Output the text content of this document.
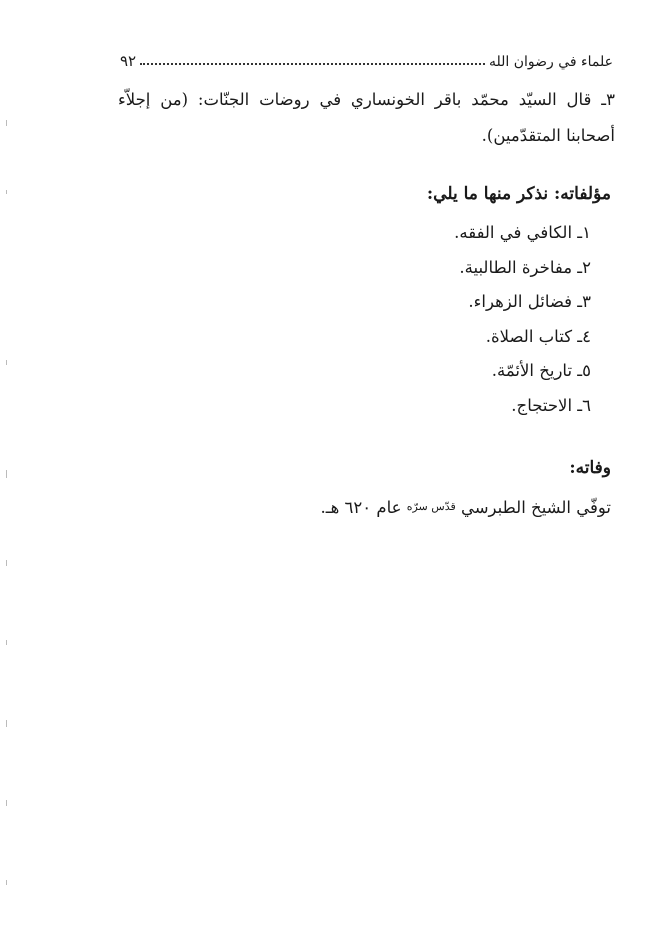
علماء في رضوان الله
٩٢

٣ـ قال السيّد محمّد باقر الخونساري في روضات الجنّات: (من إجلاّء أصحابنا المتقدّمين).

مؤلفاته: نذكر منها ما يلي:
١ـ الكافي في الفقه.
٢ـ مفاخرة الطالبية.
٣ـ فضائل الزهراء.
٤ـ كتاب الصلاة.
٥ـ تاريخ الأئمّة.
٦ـ الاحتجاج.
وفاته:
توفّي الشيخ الطبرسي قدّس سرّه عام ٦٢٠ هـ.
